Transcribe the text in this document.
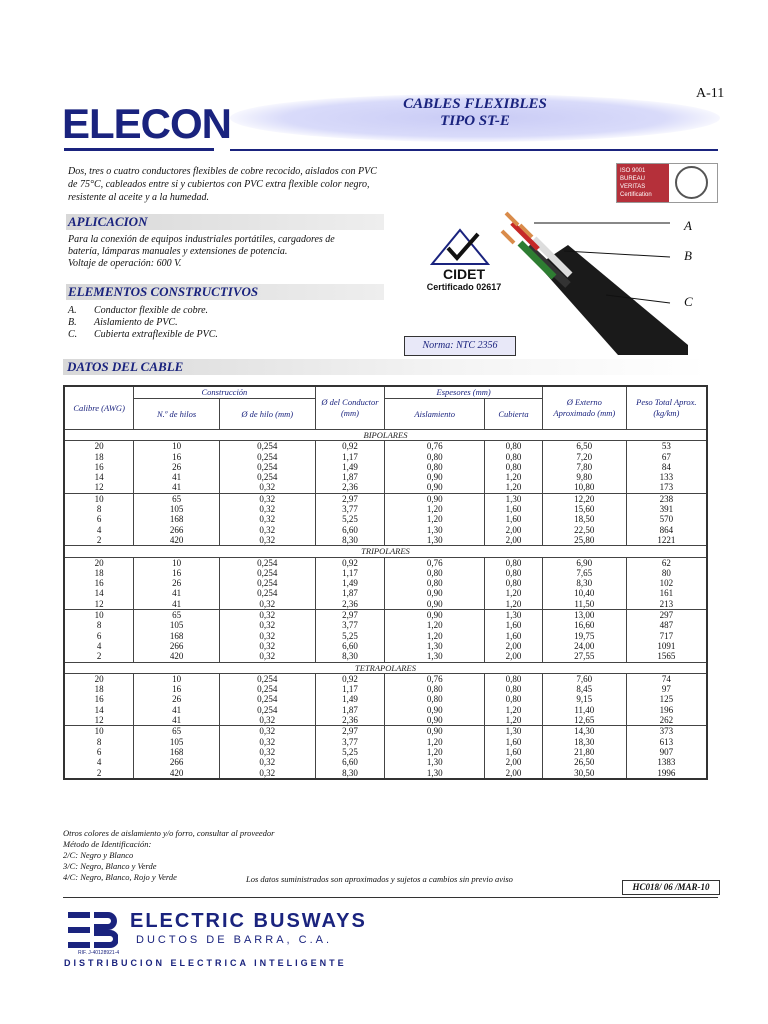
A-11
ELECON	CABLES FLEXIBLES
TIPO ST-E
Dos, tres o cuatro conductores flexibles de cobre recocido, aislados con PVC de 75°C, cableados entre si y cubiertos con PVC extra flexible color negro, resistente al aceite y a la humedad.
APLICACION
Para la conexión de equipos industriales portátiles, cargadores de
batería, lámparas manuales y extensiones de potencia.
Voltaje de operación: 600 V.
ELEMENTOS CONSTRUCTIVOS
A. Conductor flexible de cobre.
B. Aislamiento de PVC.
C. Cubierta extraflexible de PVC.
ISO 9001
BUREAU VERITAS
Certification
CIDET
Certificado 02617
A
B
C
Norma: NTC 2356
DATOS DEL CABLE
Calibre (AWG)	Construcción		Ø del Conductor (mm)	Espesores (mm)		Ø Externo Aproximado (mm)	Peso Total Aprox. (kg/km)
	N.º de hilos	Ø de hilo (mm)		Aislamiento	Cubierta		
BIPOLARES							
20	10	0,254	0,92	0,76	0,80	6,50	53
18	16	0,254	1,17	0,80	0,80	7,20	67
16	26	0,254	1,49	0,80	0,80	7,80	84
14	41	0,254	1,87	0,90	1,20	9,80	133
12	41	0,32	2,36	0,90	1,20	10,80	173
10	65	0,32	2,97	0,90	1,30	12,20	238
8	105	0,32	3,77	1,20	1,60	15,60	391
6	168	0,32	5,25	1,20	1,60	18,50	570
4	266	0,32	6,60	1,30	2,00	22,50	864
2	420	0,32	8,30	1,30	2,00	25,80	1221
TRIPOLARES							
20	10	0,254	0,92	0,76	0,80	6,90	62
18	16	0,254	1,17	0,80	0,80	7,65	80
16	26	0,254	1,49	0,80	0,80	8,30	102
14	41	0,254	1,87	0,90	1,20	10,40	161
12	41	0,32	2,36	0,90	1,20	11,50	213
10	65	0,32	2,97	0,90	1,30	13,00	297
8	105	0,32	3,77	1,20	1,60	16,60	487
6	168	0,32	5,25	1,20	1,60	19,75	717
4	266	0,32	6,60	1,30	2,00	24,00	1091
2	420	0,32	8,30	1,30	2,00	27,55	1565
TETRAPOLARES							
20	10	0,254	0,92	0,76	0,80	7,60	74
18	16	0,254	1,17	0,80	0,80	8,45	97
16	26	0,254	1,49	0,80	0,80	9,15	125
14	41	0,254	1,87	0,90	1,20	11,40	196
12	41	0,32	2,36	0,90	1,20	12,65	262
10	65	0,32	2,97	0,90	1,30	14,30	373
8	105	0,32	3,77	1,20	1,60	18,30	613
6	168	0,32	5,25	1,20	1,60	21,80	907
4	266	0,32	6,60	1,30	2,00	26,50	1383
2	420	0,32	8,30	1,30	2,00	30,50	1996
Otros colores de aislamiento y/o forro, consultar al proveedor
Método de Identificación:
2/C: Negro y Blanco
3/C: Negro, Blanco y Verde
4/C: Negro, Blanco, Rojo y Verde	Los datos suministrados son aproximados y sujetos a cambios sin previo aviso
HC018/ 06 /MAR-10
ELECTRIC BUSWAYS
DUCTOS DE BARRA, C.A.
RIF. J-40128921-4
DISTRIBUCION ELECTRICA INTELIGENTE
